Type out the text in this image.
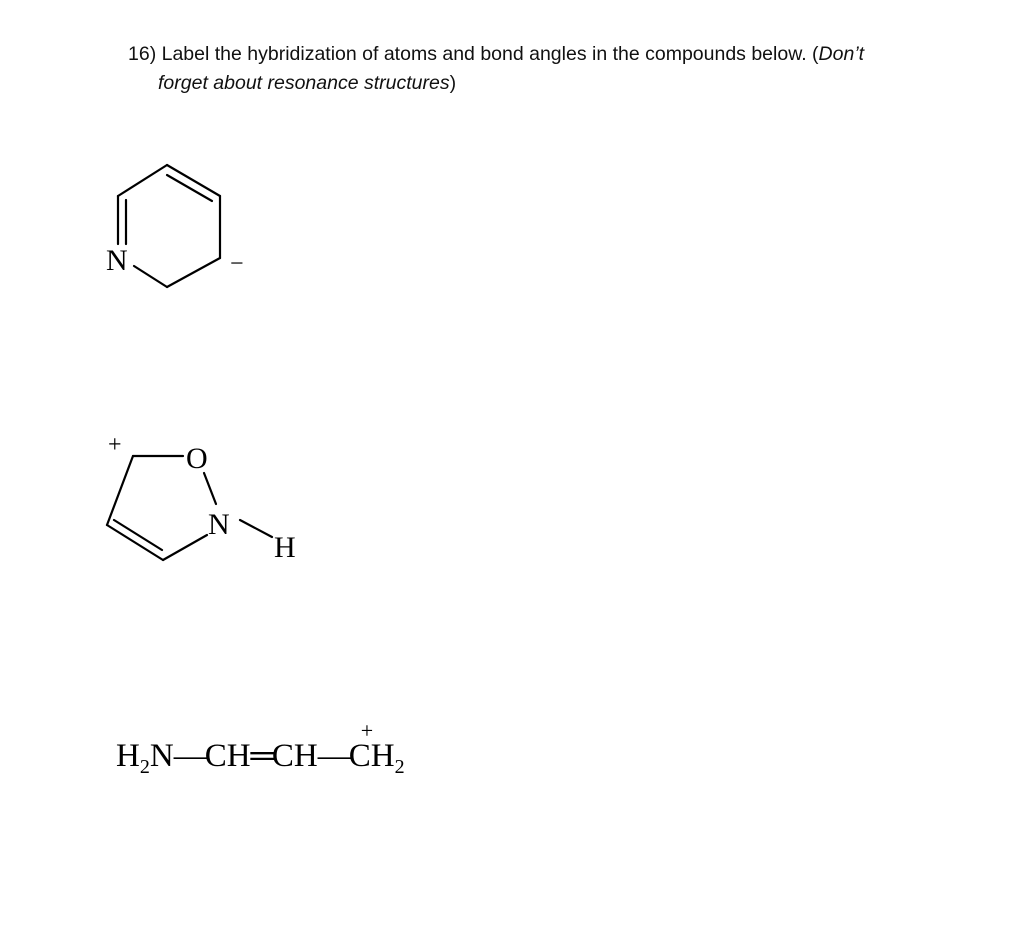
16) Label the hybridization of atoms and bond angles in the compounds below. (Don’t
forget about resonance structures)
N	−
+ O
N
H
$H_2N—CH═CH—$
+
$CH_2$
